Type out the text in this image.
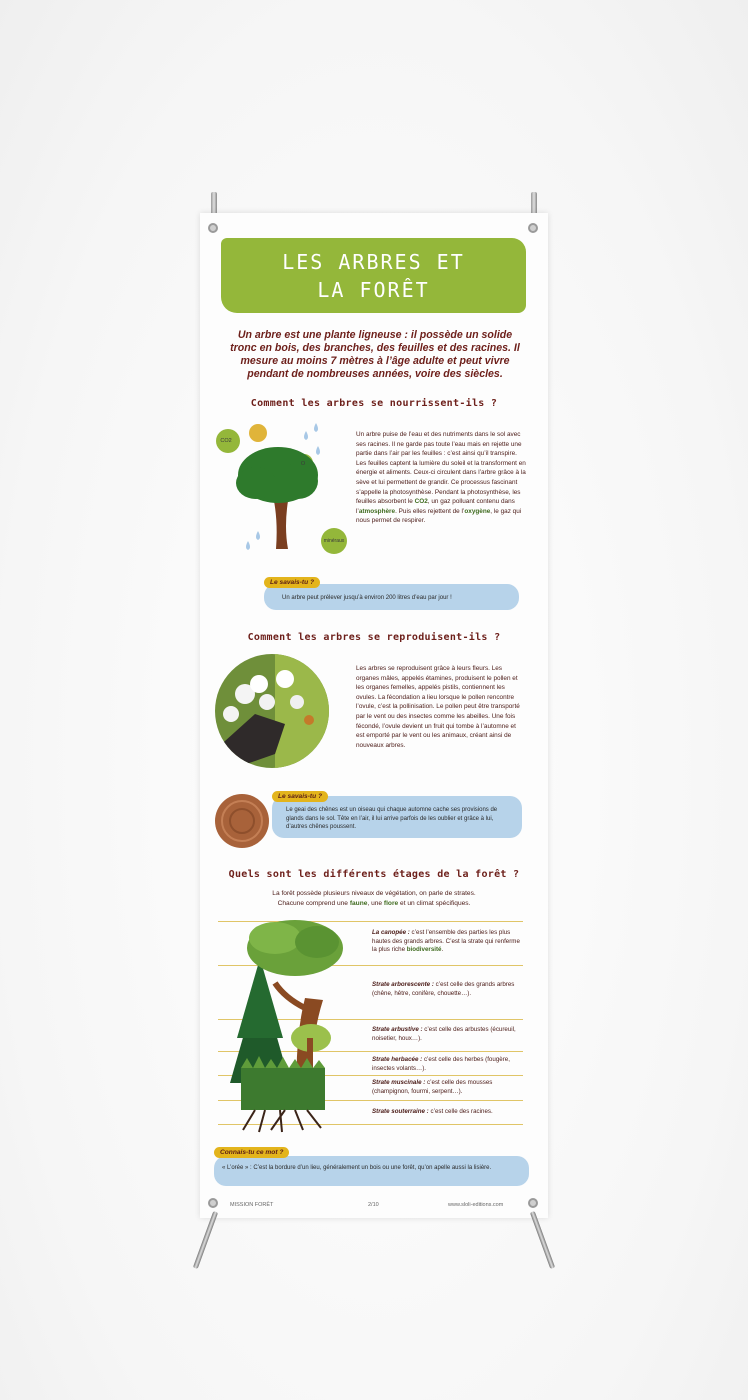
LES ARBRES ET
LA FORÊT
Un arbre est une plante ligneuse : il possède un solide tronc en bois, des branches, des feuilles et des racines. Il mesure au moins 7 mètres à l’âge adulte et peut vivre pendant de nombreuses années, voire des siècles.
Comment les arbres se nourrissent-ils ?
CO2
O
minéraux
Un arbre puise de l’eau et des nutriments dans le sol avec ses racines. Il ne garde pas toute l’eau mais en rejette une partie dans l’air par les feuilles : c’est ainsi qu’il transpire. Les feuilles captent la lumière du soleil et la transforment en énergie et aliments. Ceux-ci circulent dans l’arbre grâce à la sève et lui permettent de grandir. Ce processus fascinant s’appelle la photosynthèse. Pendant la photosynthèse, les feuilles absorbent le CO2, un gaz polluant contenu dans l’atmosphère. Puis elles rejettent de l’oxygène, le gaz qui nous permet de respirer.
Un arbre peut prélever jusqu’à environ 200 litres d’eau par jour !
Le savais-tu ?
Comment les arbres se reproduisent-ils ?
Les arbres se reproduisent grâce à leurs fleurs. Les organes mâles, appelés étamines, produisent le pollen et les organes femelles, appelés pistils, contiennent les ovules. La fécondation a lieu lorsque le pollen rencontre l’ovule, c’est la pollinisation. Le pollen peut être transporté par le vent ou des insectes comme les abeilles. Une fois fécondé, l’ovule devient un fruit qui tombe à l’automne et est emporté par le vent ou les animaux, créant ainsi de nouveaux arbres.
Le geai des chênes est un oiseau qui chaque automne cache ses provisions de glands dans le sol. Tête en l’air, il lui arrive parfois de les oublier et grâce à lui, d’autres chênes poussent.
Le savais-tu ?
Quels sont les différents étages de la forêt ?
La forêt possède plusieurs niveaux de végétation, on parle de strates.
Chacune comprend une faune, une flore et un climat spécifiques.
La canopée : c’est l’ensemble des parties les plus hautes des grands arbres. C’est la strate qui renferme la plus riche biodiversité.
Strate arborescente : c’est celle des grands arbres (chêne, hêtre, conifère, chouette…).
Strate arbustive : c’est celle des arbustes (écureuil, noisetier, houx…).
Strate herbacée : c’est celle des herbes (fougère, insectes volants…).
Strate muscinale : c’est celle des mousses (champignon, fourmi, serpent…).
Strate souterraine : c’est celle des racines.
« L’orée » : C’est la bordure d’un lieu, généralement un bois ou une forêt, qu’on apelle aussi la lisière.
Connais-tu ce mot ?
MISSION FORÊT	2/10	www.sloli-editions.com
